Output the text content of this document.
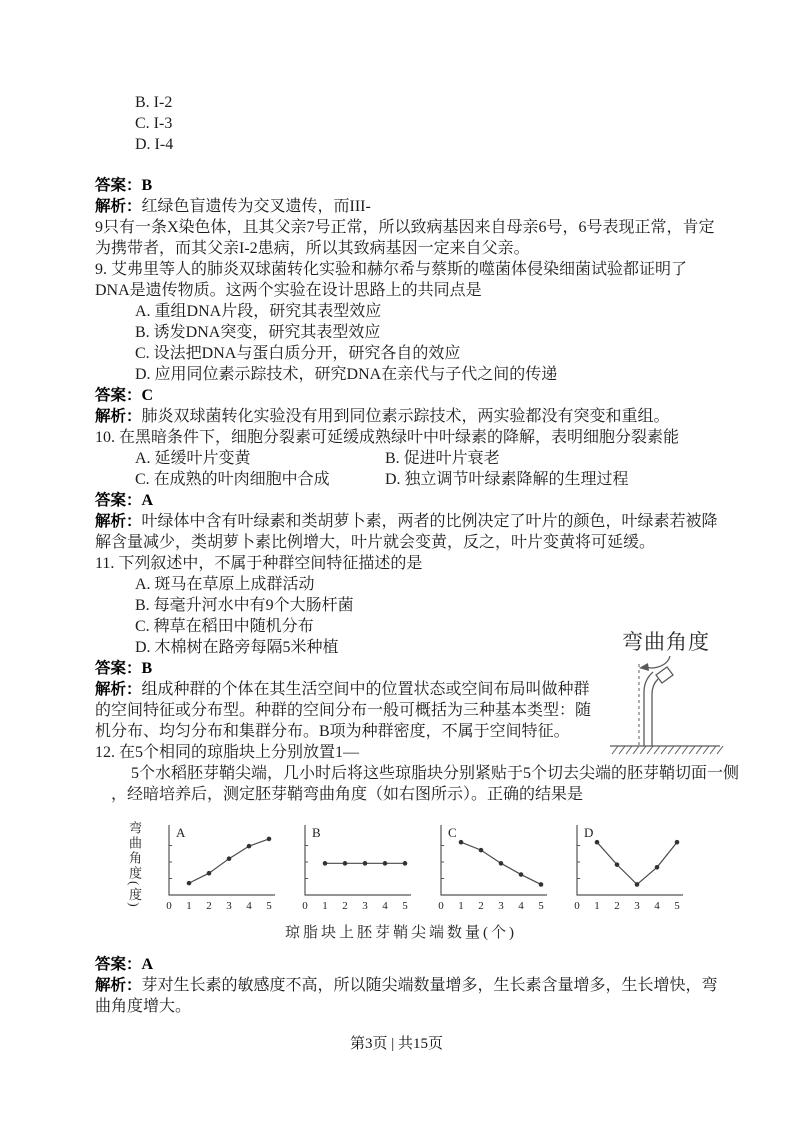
B. I-2
C. I-3
D. I-4

答案：B

解析：红绿色盲遗传为交叉遗传，而III-

9只有一条X染色体，且其父亲7号正常，所以致病基因来自母亲6号，6号表现正常，肯定为携带者，而其父亲I-2患病，所以其致病基因一定来自父亲。

9. 艾弗里等人的肺炎双球菌转化实验和赫尔希与蔡斯的噬菌体侵染细菌试验都证明了DNA是遗传物质。这两个实验在设计思路上的共同点是

A. 重组DNA片段，研究其表型效应
B. 诱发DNA突变，研究其表型效应
C. 设法把DNA与蛋白质分开，研究各自的效应
D. 应用同位素示踪技术，研究DNA在亲代与子代之间的传递

答案：C

解析：肺炎双球菌转化实验没有用到同位素示踪技术，两实验都没有突变和重组。

10. 在黑暗条件下，细胞分裂素可延缓成熟绿叶中叶绿素的降解，表明细胞分裂素能

A. 延缓叶片变黄	B. 促进叶片衰老
C. 在成熟的叶肉细胞中合成	D. 独立调节叶绿素降解的生理过程

答案：A

解析：叶绿体中含有叶绿素和类胡萝卜素，两者的比例决定了叶片的颜色，叶绿素若被降解含量减少，类胡萝卜素比例增大，叶片就会变黄，反之，叶片变黄将可延缓。

11. 下列叙述中，不属于种群空间特征描述的是

A. 斑马在草原上成群活动
B. 每毫升河水中有9个大肠杆菌
C. 稗草在稻田中随机分布
D. 木棉树在路旁每隔5米种植

答案：B

解析：组成种群的个体在其生活空间中的位置状态或空间布局叫做种群的空间特征或分布型。种群的空间分布一般可概括为三种基本类型：随机分布、均匀分布和集群分布。B项为种群密度，不属于空间特征。

12. 在5个相同的琼脂块上分别放置1—
5个水稻胚芽鞘尖端，几小时后将这些琼脂块分别紧贴于5个切去尖端的胚芽鞘切面一侧
，经暗培养后，测定胚芽鞘弯曲角度（如右图所示）。正确的结果是
弯曲角度(度) 0 1 2 3 4 5
A
0 1 2 3 4 5
B
0 1 2 3 4 5
C
0 1 2 3 4 5
D
琼脂块上胚芽鞘尖端数量(个)

答案：A

解析：芽对生长素的敏感度不高，所以随尖端数量增多，生长素含量增多，生长增快，弯曲角度增大。

弯曲角度
第3页 | 共15页
